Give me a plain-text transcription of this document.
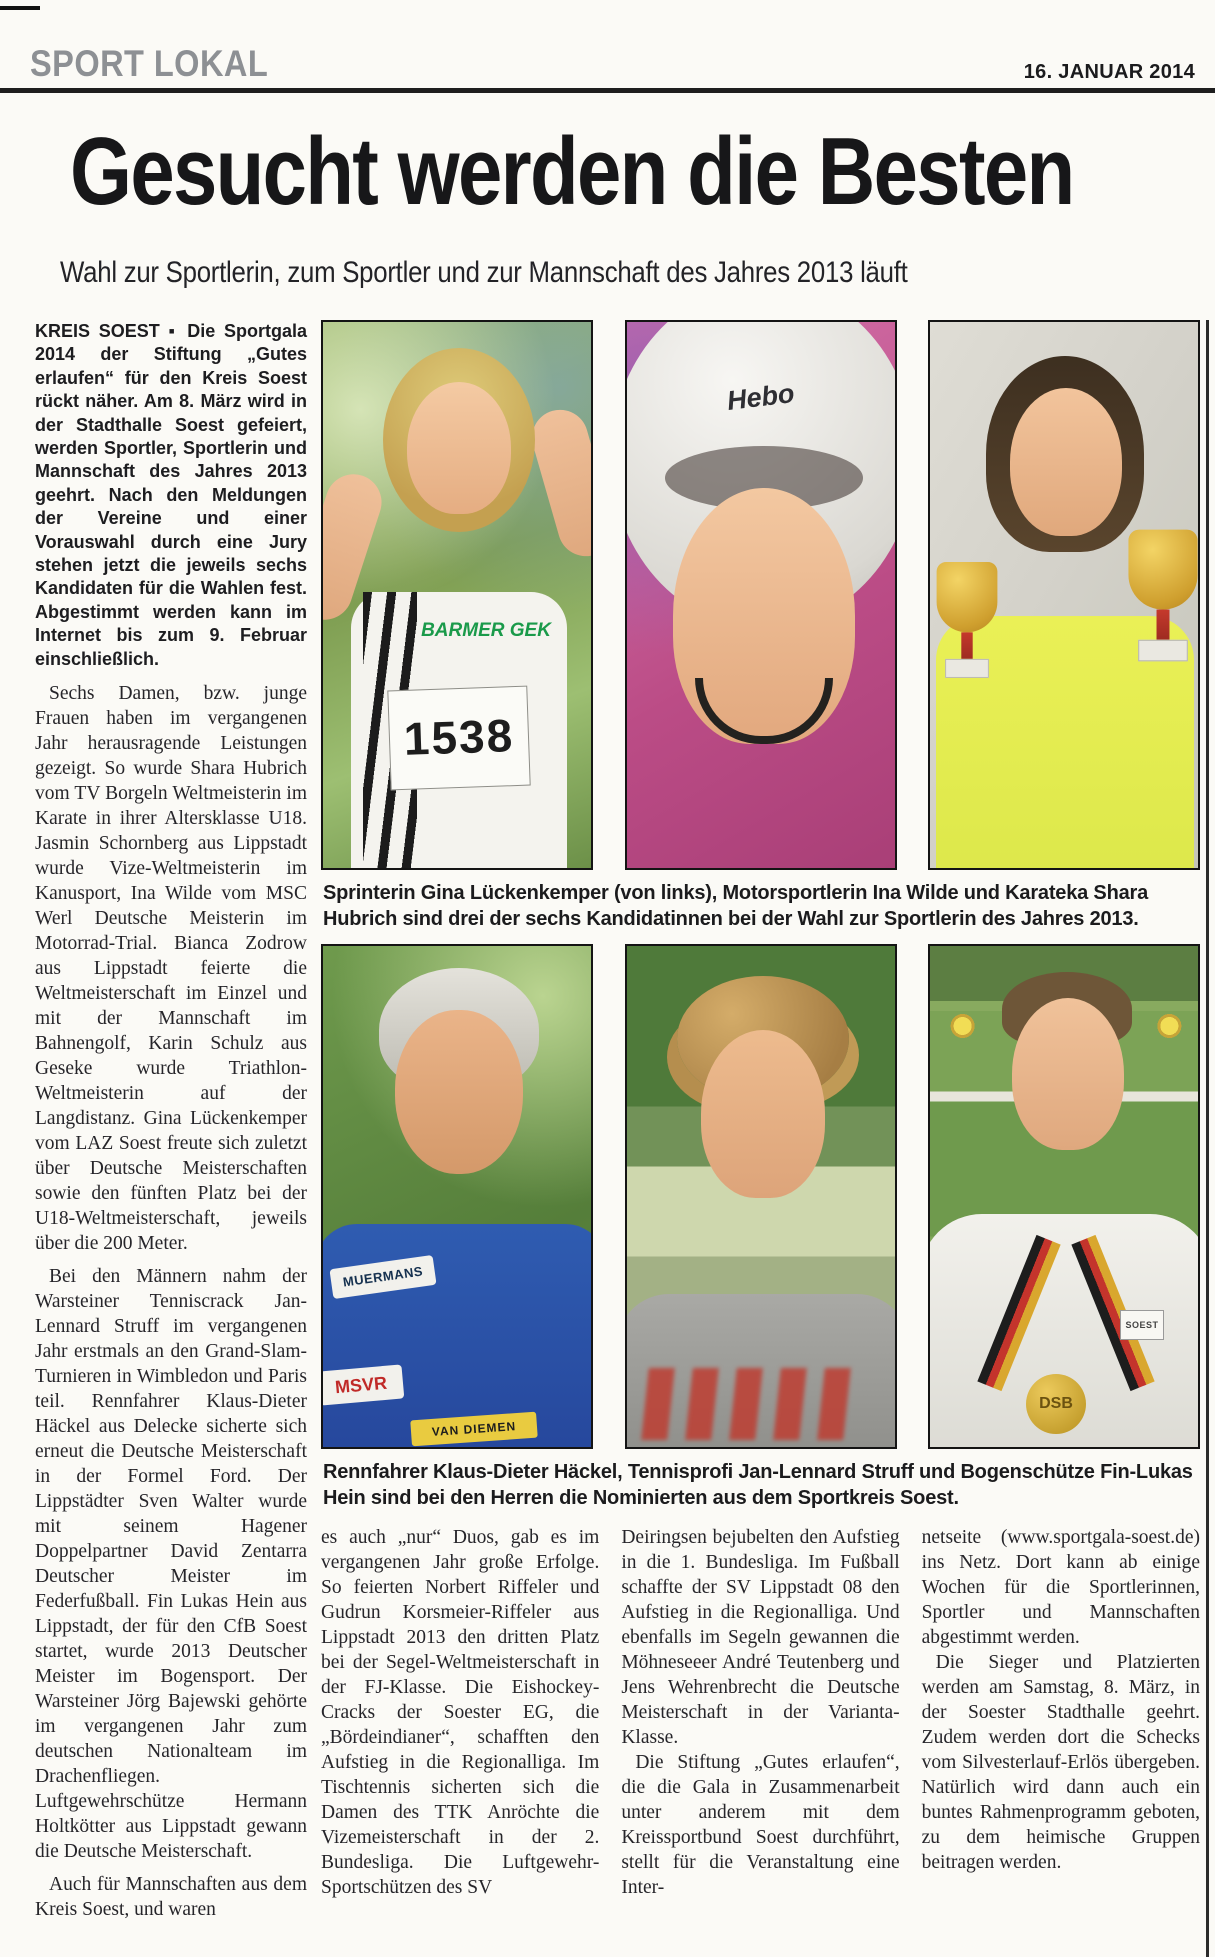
SPORT LOKAL	16. JANUAR 2014
Gesucht werden die Besten
Wahl zur Sportlerin, zum Sportler und zur Mannschaft des Jahres 2013 läuft

KREIS SOEST ▪ Die Sportgala 2014 der Stiftung „Gutes erlaufen“ für den Kreis Soest rückt näher. Am 8. März wird in der Stadthalle Soest gefeiert, werden Sportler, Sportlerin und Mannschaft des Jahres 2013 geehrt. Nach den Meldungen der Vereine und einer Vorauswahl durch eine Jury stehen jetzt die jeweils sechs Kandidaten für die Wahlen fest. Abgestimmt werden kann im Internet bis zum 9. Februar einschließlich.

Sechs Damen, bzw. junge Frauen haben im vergangenen Jahr herausragende Leistungen gezeigt. So wurde Shara Hubrich vom TV Borgeln Weltmeisterin im Karate in ihrer Altersklasse U18. Jasmin Schornberg aus Lippstadt wurde Vize-Weltmeisterin im Kanusport, Ina Wilde vom MSC Werl Deutsche Meisterin im Motorrad-Trial. Bianca Zodrow aus Lippstadt feierte die Weltmeisterschaft im Einzel und mit der Mannschaft im Bahnengolf, Karin Schulz aus Geseke wurde Triathlon-Weltmeisterin auf der Langdistanz. Gina Lückenkemper vom LAZ Soest freute sich zuletzt über Deutsche Meisterschaften sowie den fünften Platz bei der U18-Weltmeisterschaft, jeweils über die 200 Meter.

Bei den Männern nahm der Warsteiner Tenniscrack Jan-Lennard Struff im vergangenen Jahr erstmals an den Grand-Slam-Turnieren in Wimbledon und Paris teil. Rennfahrer Klaus-Dieter Häckel aus Delecke sicherte sich erneut die Deutsche Meisterschaft in der Formel Ford. Der Lippstädter Sven Walter wurde mit seinem Hagener Doppelpartner David Zentarra Deutscher Meister im Federfußball. Fin Lukas Hein aus Lippstadt, der für den CfB Soest startet, wurde 2013 Deutscher Meister im Bogensport. Der Warsteiner Jörg Bajewski gehörte im vergangenen Jahr zum deutschen Nationalteam im Drachenfliegen. Luftgewehrschütze Hermann Holtkötter aus Lippstadt gewann die Deutsche Meisterschaft.

Auch für Mannschaften aus dem Kreis Soest, und waren

BARMER GEK
1538
Hebo

Sprinterin Gina Lückenkemper (von links), Motorsportlerin Ina Wilde und Karateka Shara Hubrich sind drei der sechs Kandidatinnen bei der Wahl zur Sportlerin des Jahres 2013.

MUERMANS
MSVR
VAN DIEMEN
SOEST
DSB

Rennfahrer Klaus-Dieter Häckel, Tennisprofi Jan-Lennard Struff und Bogenschütze Fin-Lukas Hein sind bei den Herren die Nominierten aus dem Sportkreis Soest.

es auch „nur“ Duos, gab es im vergangenen Jahr große Erfolge. So feierten Norbert Riffeler und Gudrun Korsmeier-Riffeler aus Lippstadt 2013 den dritten Platz bei der Segel-Weltmeisterschaft in der FJ-Klasse. Die Eishockey-Cracks der Soester EG, die „Bördeindianer“, schafften den Aufstieg in die Regionalliga. Im Tischtennis sicherten sich die Damen des TTK Anröchte die Vizemeisterschaft in der 2. Bundesliga. Die Luftgewehr-Sportschützen des SV

Deiringsen bejubelten den Aufstieg in die 1. Bundesliga. Im Fußball schaffte der SV Lippstadt 08 den Aufstieg in die Regionalliga. Und ebenfalls im Segeln gewannen die Möhneseeer André Teutenberg und Jens Wehrenbrecht die Deutsche Meisterschaft in der Varianta-Klasse.

Die Stiftung „Gutes erlaufen“, die die Gala in Zusammenarbeit unter anderem mit dem Kreissportbund Soest durchführt, stellt für die Veranstaltung eine Inter-

netseite (www.sportgala-soest.de) ins Netz. Dort kann ab einige Wochen für die Sportlerinnen, Sportler und Mannschaften abgestimmt werden.

Die Sieger und Platzierten werden am Samstag, 8. März, in der Soester Stadthalle geehrt. Zudem werden dort die Schecks vom Silvesterlauf-Erlös übergeben. Natürlich wird dann auch ein buntes Rahmenprogramm geboten, zu dem heimische Gruppen beitragen werden.
